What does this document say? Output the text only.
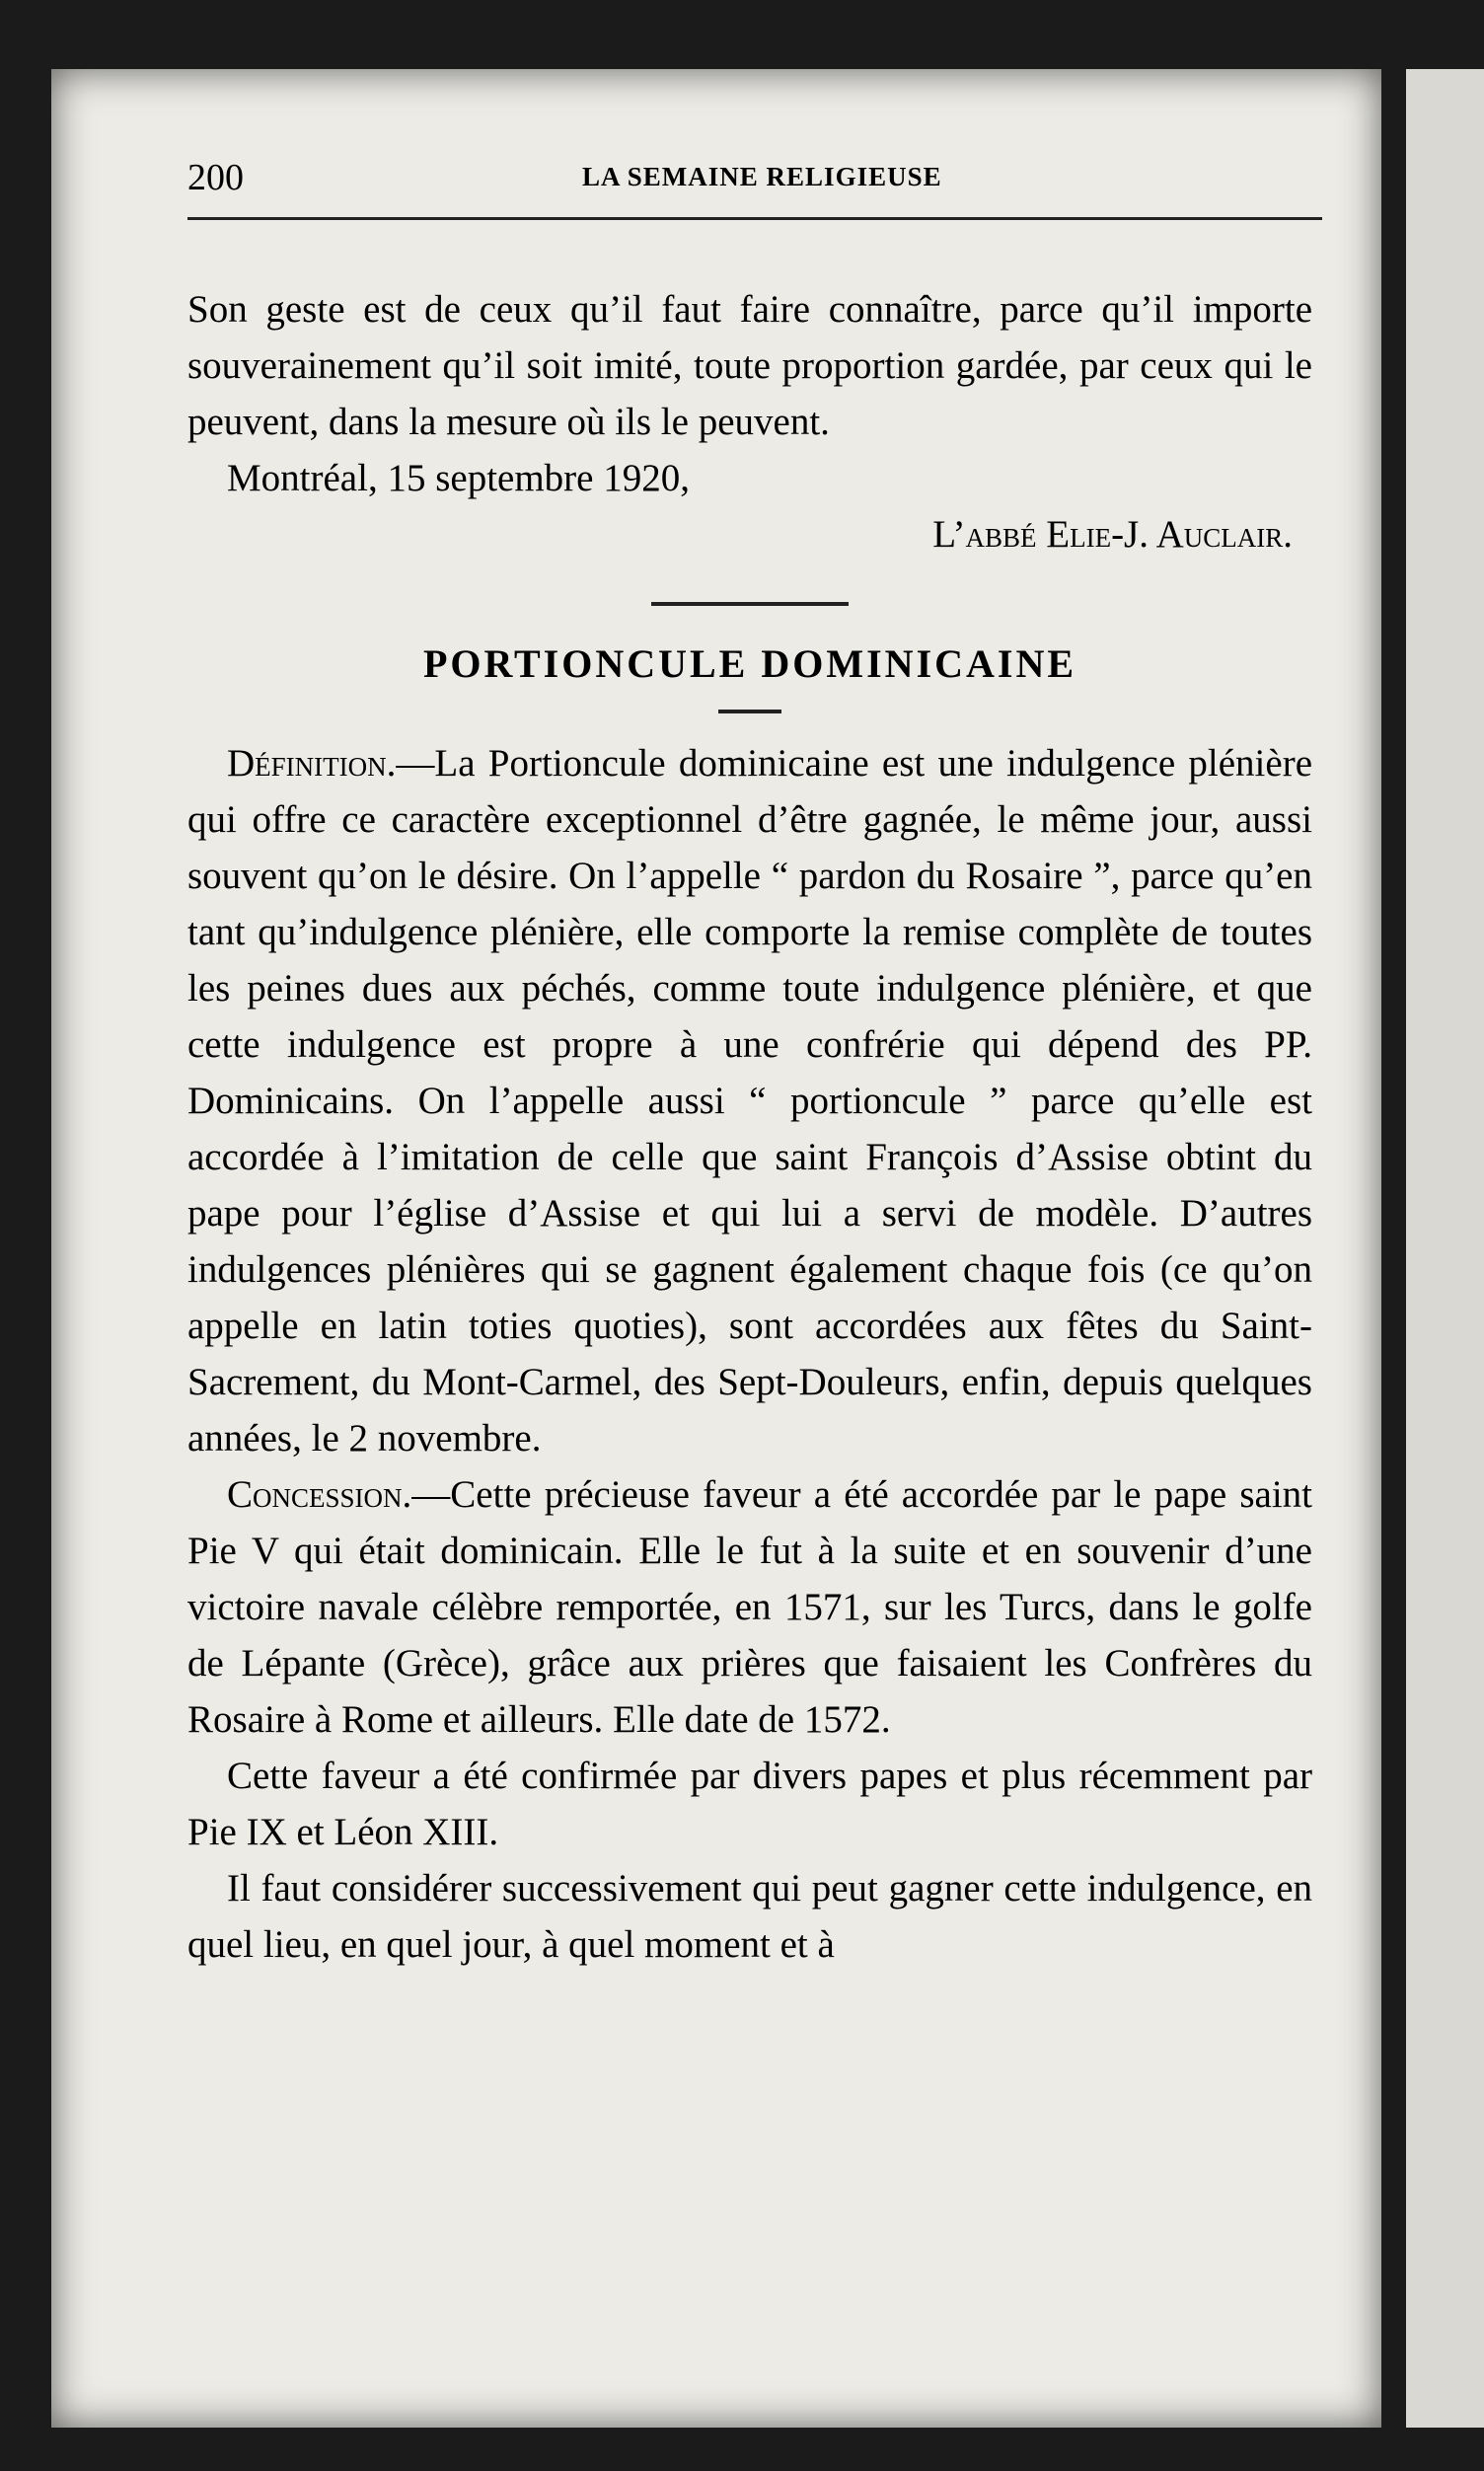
200	LA SEMAINE RELIGIEUSE

Son geste est de ceux qu’il faut faire connaître, parce qu’il importe souverainement qu’il soit imité, toute proportion gardée, par ceux qui le peuvent, dans la mesure où ils le peuvent.

Montréal, 15 septembre 1920,

L’abbé Elie-J. Auclair.

PORTIONCULE DOMINICAINE

Définition.—La Portioncule dominicaine est une indulgence plénière qui offre ce caractère exceptionnel d’être gagnée, le même jour, aussi souvent qu’on le désire. On l’appelle “ pardon du Rosaire ”, parce qu’en tant qu’indulgence plénière, elle comporte la remise complète de toutes les peines dues aux péchés, comme toute indulgence plénière, et que cette indulgence est propre à une confrérie qui dépend des PP. Dominicains. On l’appelle aussi “ portioncule ” parce qu’elle est accordée à l’imitation de celle que saint François d’Assise obtint du pape pour l’église d’Assise et qui lui a servi de modèle. D’autres indulgences plénières qui se gagnent également chaque fois (ce qu’on appelle en latin toties quoties), sont accordées aux fêtes du Saint-Sacrement, du Mont-Carmel, des Sept-Douleurs, enfin, depuis quelques années, le 2 novembre.

Concession.—Cette précieuse faveur a été accordée par le pape saint Pie V qui était dominicain. Elle le fut à la suite et en souvenir d’une victoire navale célèbre remportée, en 1571, sur les Turcs, dans le golfe de Lépante (Grèce), grâce aux prières que faisaient les Confrères du Rosaire à Rome et ailleurs. Elle date de 1572.

Cette faveur a été confirmée par divers papes et plus récemment par Pie IX et Léon XIII.

Il faut considérer successivement qui peut gagner cette indulgence, en quel lieu, en quel jour, à quel moment et à
